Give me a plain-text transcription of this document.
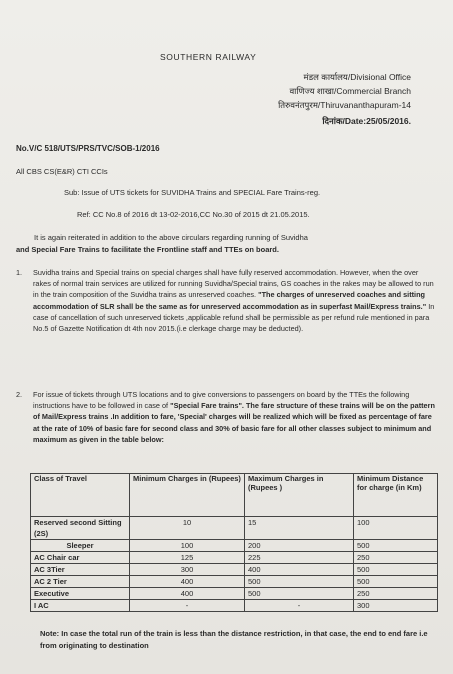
SOUTHERN RAILWAY
मंडल कार्यालय/Divisional Office
वाणिज्य शाखा/Commercial Branch
तिरुवनंतपुरम/Thiruvananthapuram-14
दिनांक/Date:25/05/2016.
No.V/C 518/UTS/PRS/TVC/SOB-1/2016
All CBS CS(E&R) CTI CCIs
Sub: Issue of UTS tickets for SUVIDHA Trains and SPECIAL Fare Trains-reg.
Ref: CC No.8 of 2016 dt 13-02-2016,CC No.30 of 2015 dt 21.05.2015.
It is again reiterated in addition to the above circulars regarding running of Suvidha
and Special Fare Trains to facilitate the Frontline staff and TTEs on board.
1.	Suvidha trains and Special trains on special charges shall have fully reserved accommodation. However, when the over rakes of normal train services are utilized for running Suvidha/Special trains, GS coaches in the rakes may be allowed to run in the train composition of the Suvidha trains as unreserved coaches. "The charges of unreserved coaches and sitting accommodation of SLR shall be the same as for unreserved accommodation as in superfast Mail/Express trains." In case of cancellation of such unreserved tickets ,applicable refund shall be permissible as per refund rule mentioned in para No.5 of Gazette Notification dt 4th nov 2015.(i.e clerkage charge may be deducted).
2.	For issue of tickets through UTS locations and to give conversions to passengers on board by the TTEs the following instructions have to be followed in case of "Special Fare trains". The fare structure of these trains will be on the pattern of Mail/Express trains .In addition to fare, 'Special' charges will be realized which will be fixed as percentage of fare at the rate of 10% of basic fare for second class and 30% of basic fare for all other classes subject to minimum and maximum as given in the table below:
Class of Travel	Minimum Charges in (Rupees)	Maximum Charges in (Rupees )	Minimum Distance for charge (in Km)
Reserved second Sitting (2S)	10	15	100
Sleeper	100	200	500
AC Chair car	125	225	250
AC 3Tier	300	400	500
AC 2 Tier	400	500	500
Executive	400	500	250
I AC	-	-	300
Note: In case the total run of the train is less than the distance restriction, in that case, the end to end fare i.e from originating to destination
